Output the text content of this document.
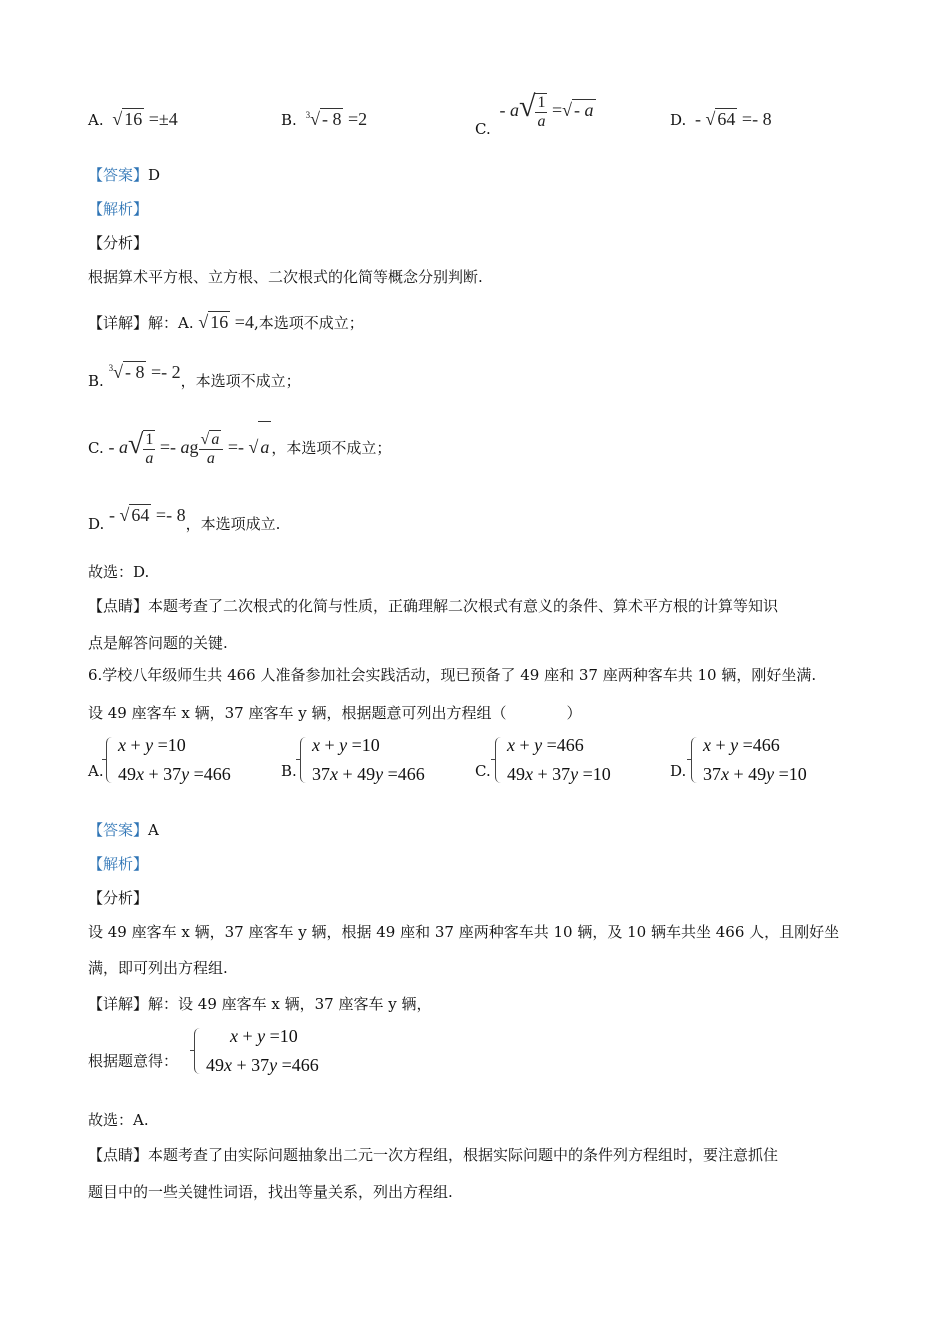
A. √ 16 =±4	B. $^3$√ - 8 =2	C. - $a√ \frac{1}{a}$ =√ - a	D. - √ 64 =- 8
【答案】D
【解析】
【分析】
根据算术平方根、立方根、二次根式的化简等概念分别判断.
【详解】解：A. √ 16 =4,本选项不成立；
B. $^3$√ - 8 =- 2，本选项不成立；
C. - $a√ \frac{1}{a}$ =- ag $\frac{√ a}{a}$ =- √ a ，本选项不成立；
D. - √ 64 =- 8，本选项成立.
故选：D.
【点睛】本题考查了二次根式的化简与性质，正确理解二次根式有意义的条件、算术平方根的计算等知识
点是解答问题的关键.
6.学校八年级师生共 466 人准备参加社会实践活动，现已预备了 49 座和 37 座两种客车共 10 辆，刚好坐满.
设 49 座客车 x 辆，37 座客车 y 辆，根据题意可列出方程组（　　　　）
A.
x + y =10
49x + 37y =466	B.
x + y =10
37x + 49y =466	C.
x + y =466
49x + 37y =10	D.
x + y =466
37x + 49y =10
【答案】A
【解析】
【分析】
设 49 座客车 x 辆，37 座客车 y 辆，根据 49 座和 37 座两种客车共 10 辆，及 10 辆车共坐 466 人，且刚好坐
满，即可列出方程组.
【详解】解：设 49 座客车 x 辆，37 座客车 y 辆，
根据题意得：
x + y =10
49x + 37y =466
故选：A.
【点睛】本题考查了由实际问题抽象出二元一次方程组，根据实际问题中的条件列方程组时，要注意抓住
题目中的一些关键性词语，找出等量关系，列出方程组.
